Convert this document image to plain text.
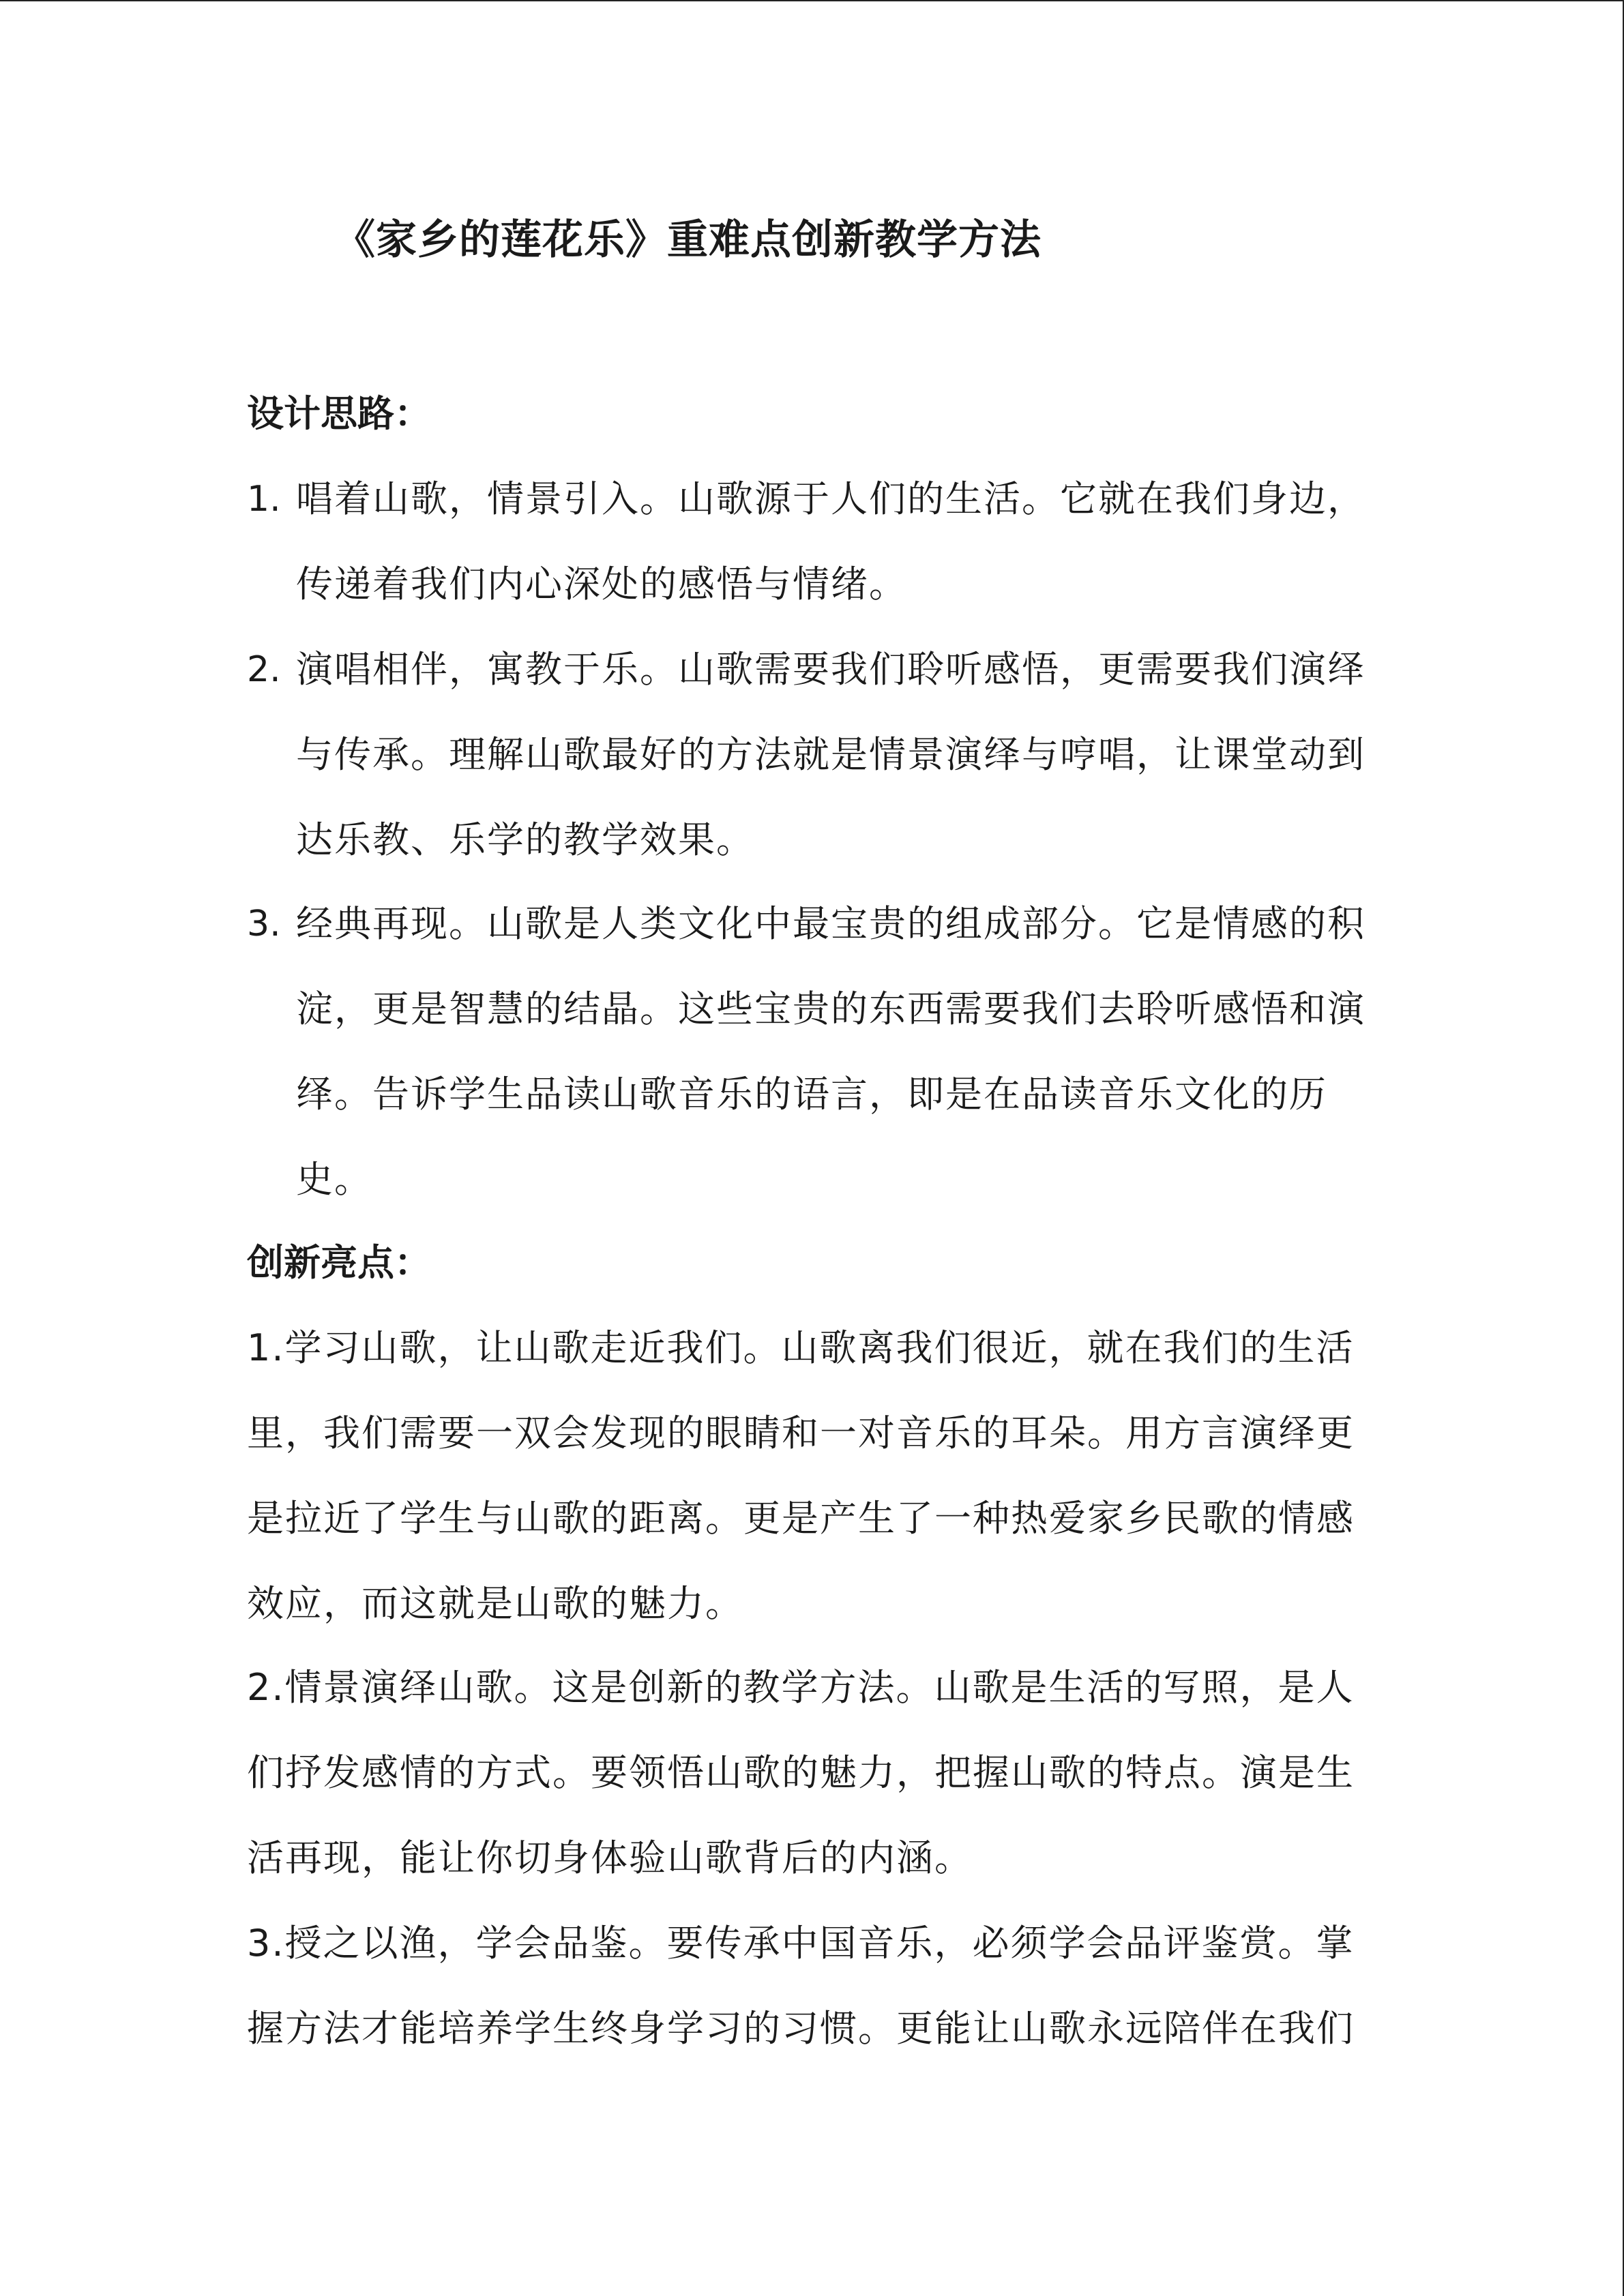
《家乡的莲花乐》重难点创新教学方法
设计思路：
1. 唱着山歌，情景引入。山歌源于人们的生活。它就在我们身边，
传递着我们内心深处的感悟与情绪。
2. 演唱相伴，寓教于乐。山歌需要我们聆听感悟，更需要我们演绎
与传承。理解山歌最好的方法就是情景演绎与哼唱，让课堂动到
达乐教、乐学的教学效果。
3. 经典再现。山歌是人类文化中最宝贵的组成部分。它是情感的积
淀，更是智慧的结晶。这些宝贵的东西需要我们去聆听感悟和演
绎。告诉学生品读山歌音乐的语言，即是在品读音乐文化的历
史。
创新亮点：
1.学习山歌，让山歌走近我们。山歌离我们很近，就在我们的生活
里，我们需要一双会发现的眼睛和一对音乐的耳朵。用方言演绎更
是拉近了学生与山歌的距离。更是产生了一种热爱家乡民歌的情感
效应，而这就是山歌的魅力。
2.情景演绎山歌。这是创新的教学方法。山歌是生活的写照，是人
们抒发感情的方式。要领悟山歌的魅力，把握山歌的特点。演是生
活再现，能让你切身体验山歌背后的内涵。
3.授之以渔，学会品鉴。要传承中国音乐，必须学会品评鉴赏。掌
握方法才能培养学生终身学习的习惯。更能让山歌永远陪伴在我们
